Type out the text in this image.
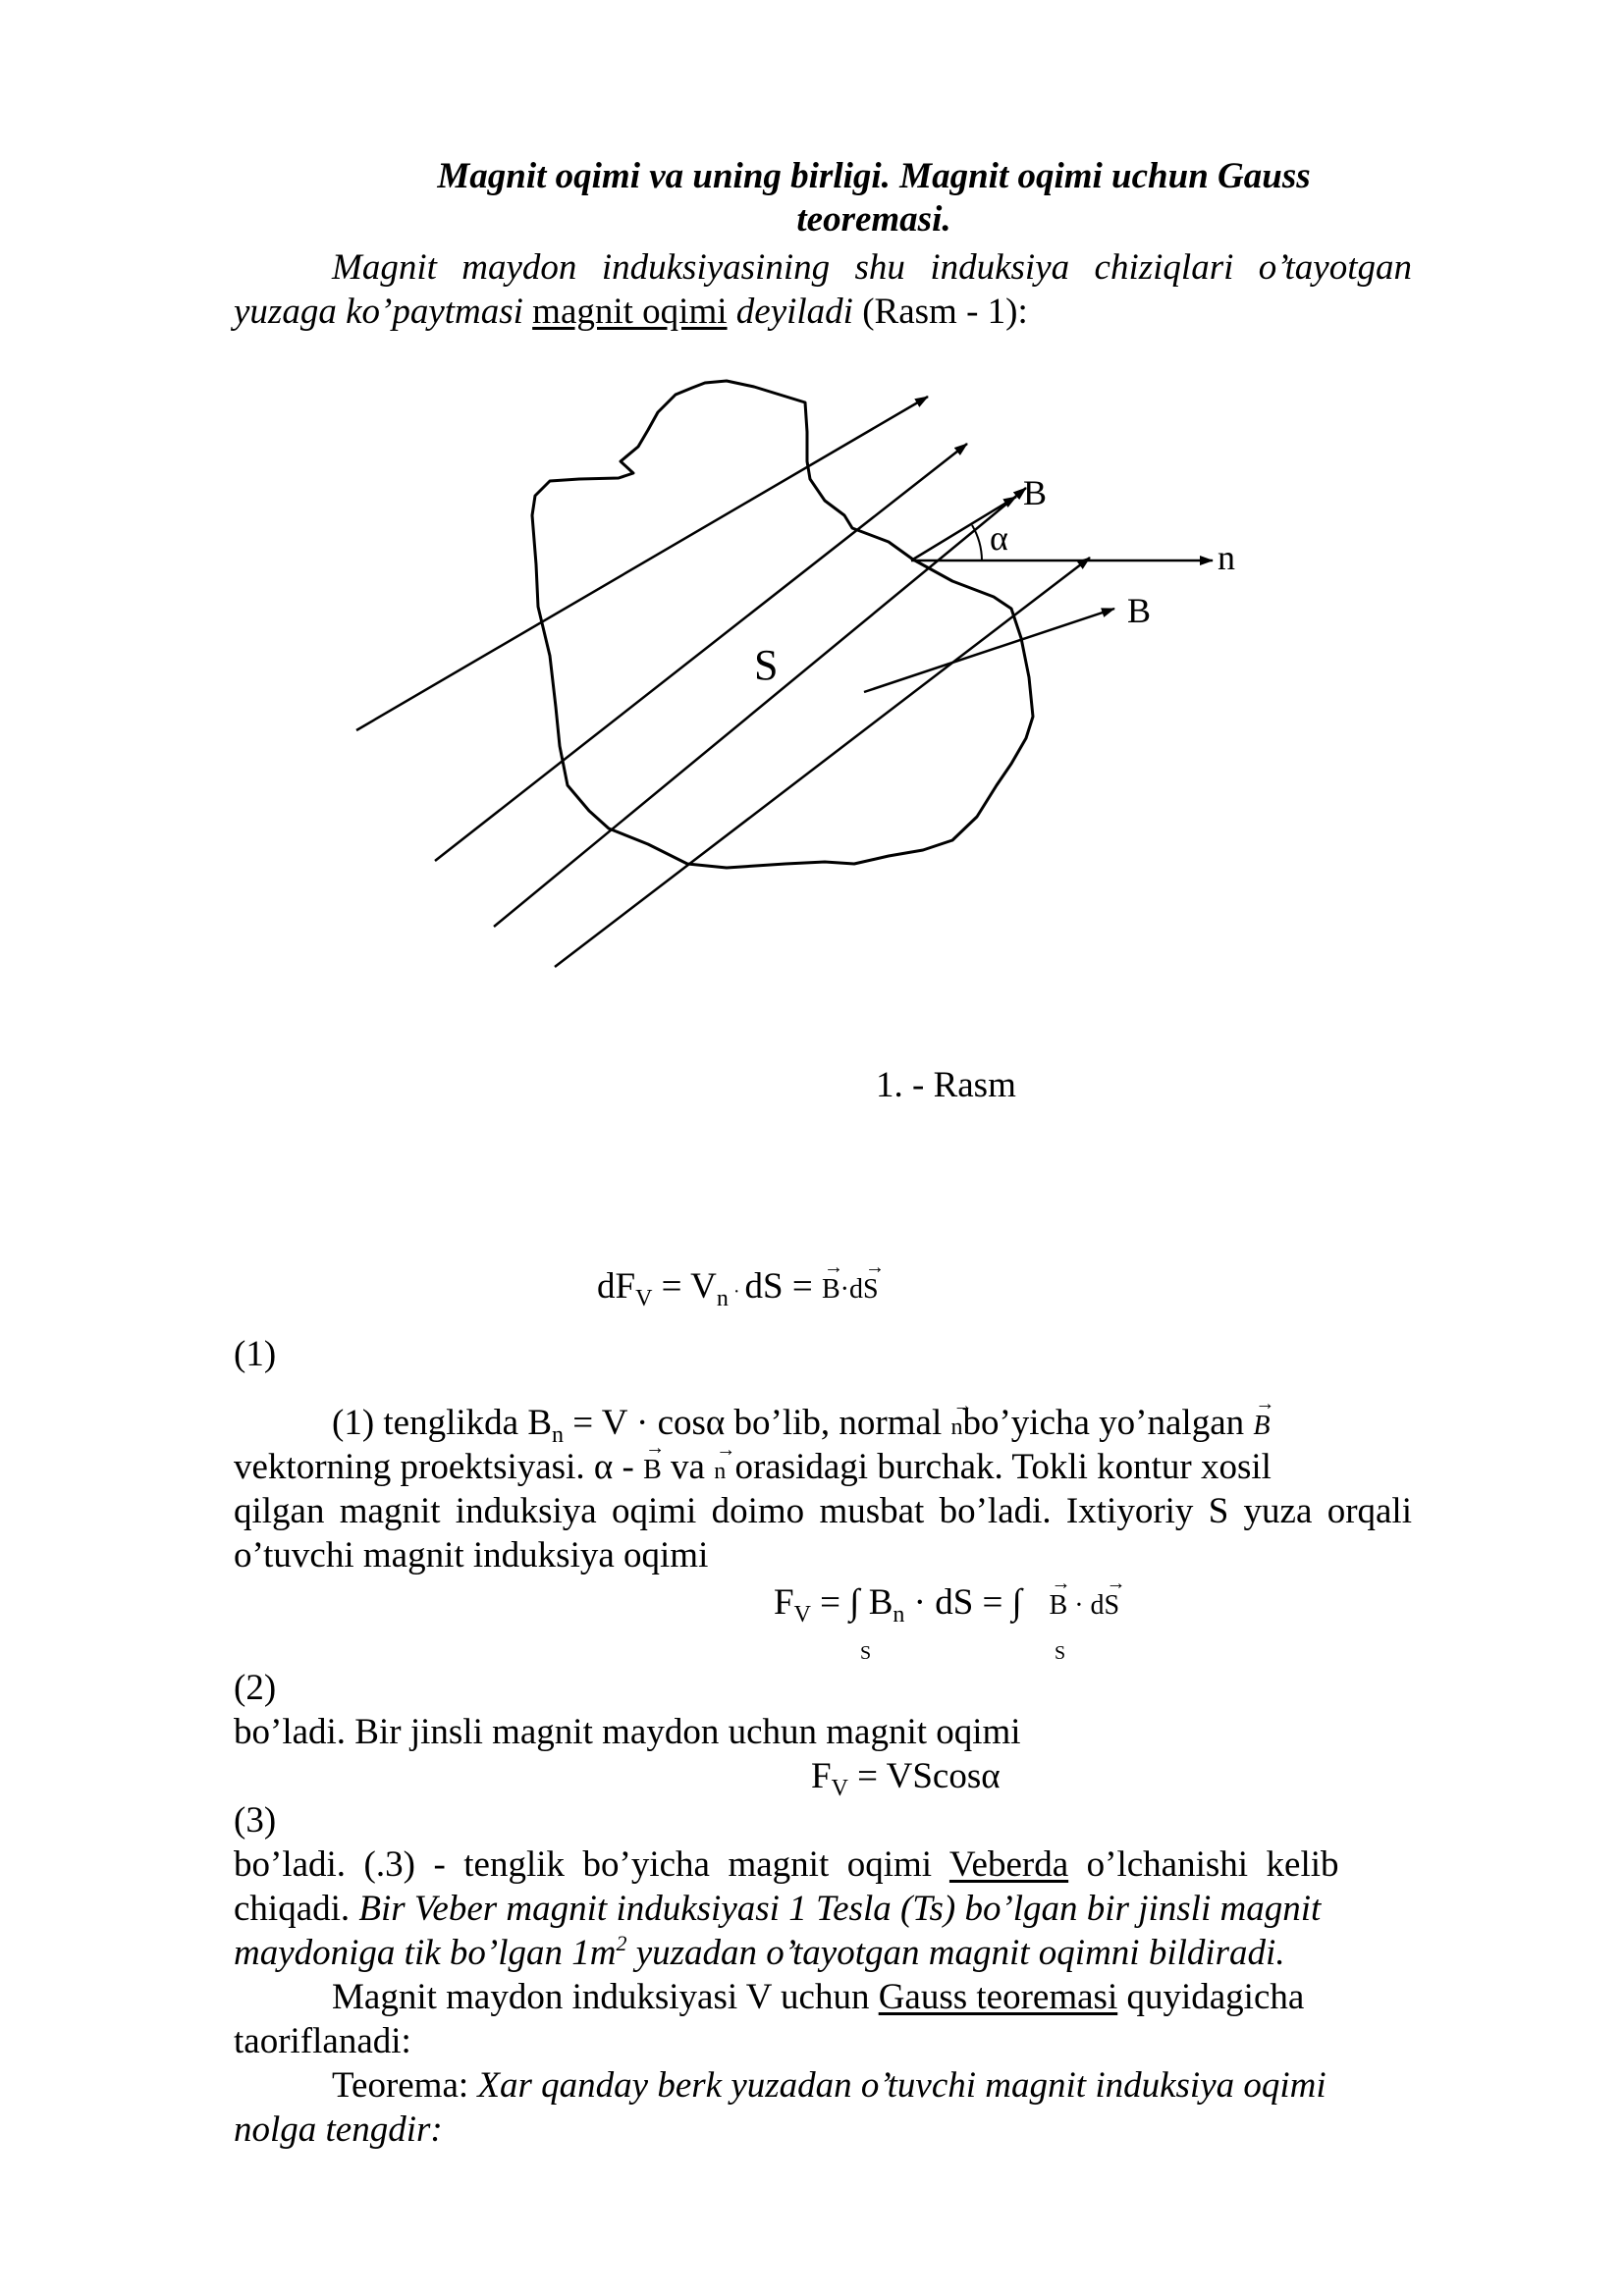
Magnit oqimi va uning birligi. Magnit oqimi uchun Gauss
teoremasi.
Magnit maydon induksiyasining shu induksiya chiziqlari o’tayotgan
yuzaga ko’paytmasi magnit oqimi deyiladi (Rasm - 1):
S
B
α	n
B
1. - Rasm
$dF_V = V_n$ · dS = → B·d→ S
(1)
(1) tenglikda $B_n = V \cdot \cos\alpha$ bo’lib, normal → nbo’yicha yo’nalgan → B
vektorning proektsiyasi. α - → B va → n orasidagi burchak. Tokli kontur xosil
qilgan magnit induksiya oqimi doimo musbat bo’ladi. Ixtiyoriy S yuza orqali
o’tuvchi magnit induksiya oqimi
$F_V$ = ∫ $B_n$ · dS = ∫   → B · d→ S
S	S
(2)
bo’ladi. Bir jinsli magnit maydon uchun magnit oqimi
$F_V = VScos\alpha$
(3)
bo’ladi.  (.3)  -  tenglik  bo’yicha  magnit  oqimi  Veberda  o’lchanishi  kelib
chiqadi. Bir Veber magnit induksiyasi 1 Tesla (Ts) bo’lgan bir jinsli magnit
maydoniga tik bo’lgan $1m^2$ yuzadan o’tayotgan magnit oqimni bildiradi.
Magnit maydon induksiyasi V uchun Gauss teoremasi quyidagicha
taoriflanadi:
Teorema: Xar qanday berk yuzadan o’tuvchi magnit induksiya oqimi
nolga tengdir:
